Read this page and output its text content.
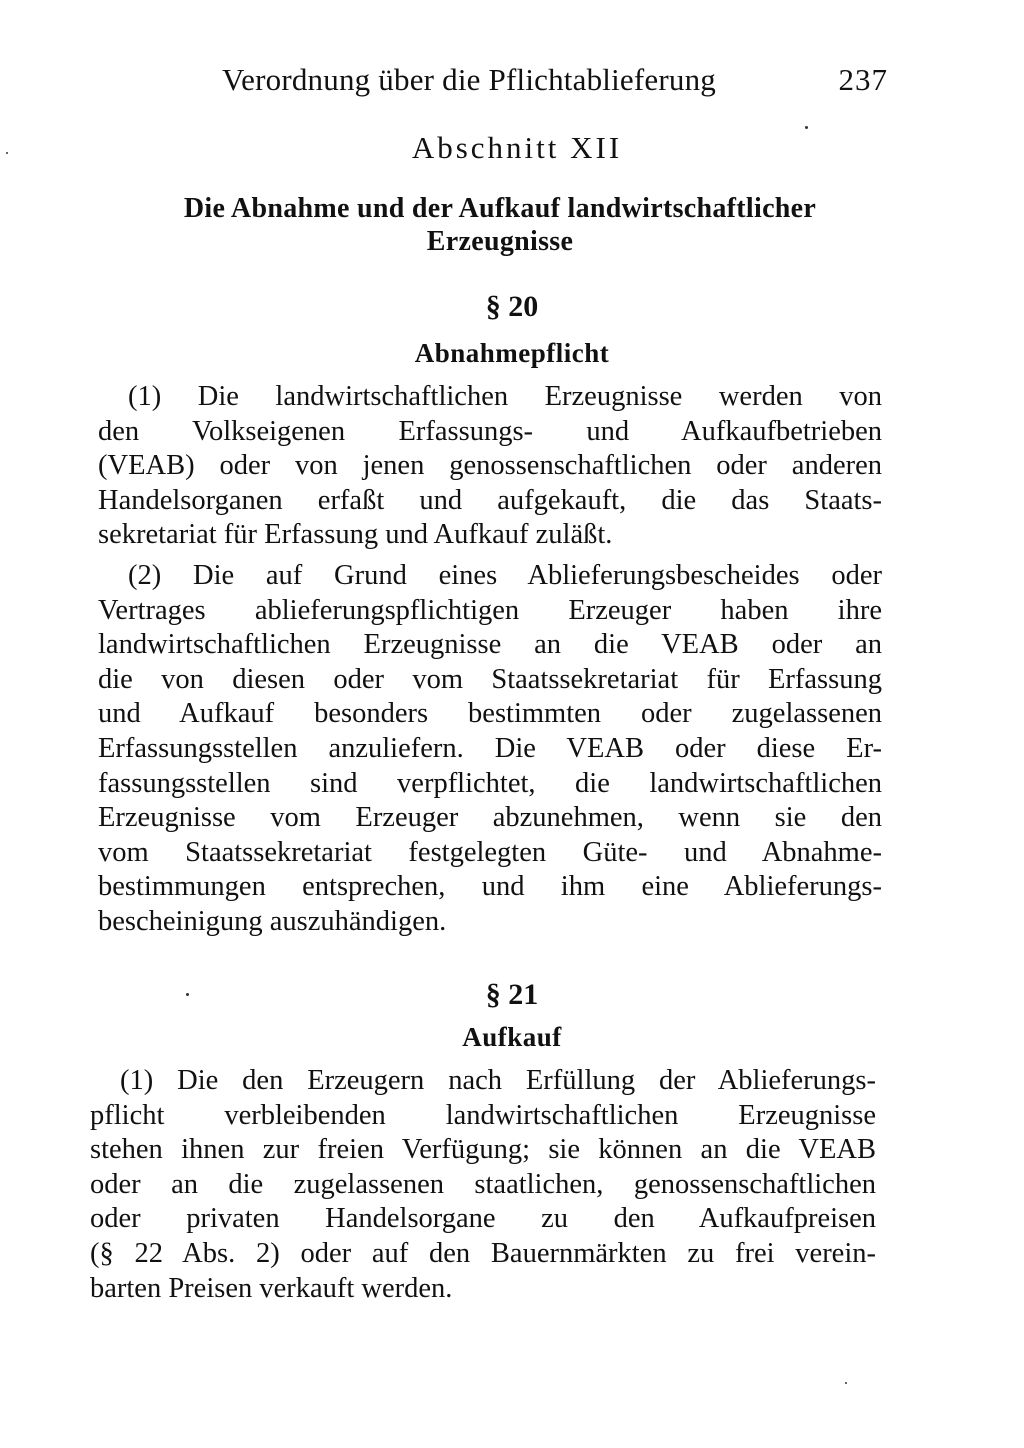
Verordnung über die Pflichtablieferung	237
Abschnitt XII
Die Abnahme und der Aufkauf landwirtschaftlicher
Erzeugnisse
§ 20
Abnahmepflicht
(1) Die landwirtschaftlichen Erzeugnisse werden von
den Volkseigenen Erfassungs- und Aufkaufbetrieben
(VEAB) oder von jenen genossenschaftlichen oder anderen
Handelsorganen erfaßt und aufgekauft, die das Staats-
sekretariat für Erfassung und Aufkauf zuläßt.
(2) Die auf Grund eines Ablieferungsbescheides oder
Vertrages ablieferungspflichtigen Erzeuger haben ihre
landwirtschaftlichen Erzeugnisse an die VEAB oder an
die von diesen oder vom Staatssekretariat für Erfassung
und Aufkauf besonders bestimmten oder zugelassenen
Erfassungsstellen anzuliefern. Die VEAB oder diese Er-
fassungsstellen sind verpflichtet, die landwirtschaftlichen
Erzeugnisse vom Erzeuger abzunehmen, wenn sie den
vom Staatssekretariat festgelegten Güte- und Abnahme-
bestimmungen entsprechen, und ihm eine Ablieferungs-
bescheinigung auszuhändigen.
§ 21
Aufkauf
(1) Die den Erzeugern nach Erfüllung der Ablieferungs-
pflicht verbleibenden landwirtschaftlichen Erzeugnisse
stehen ihnen zur freien Verfügung; sie können an die VEAB
oder an die zugelassenen staatlichen, genossenschaftlichen
oder privaten Handelsorgane zu den Aufkaufpreisen
(§ 22 Abs. 2) oder auf den Bauernmärkten zu frei verein-
barten Preisen verkauft werden.
